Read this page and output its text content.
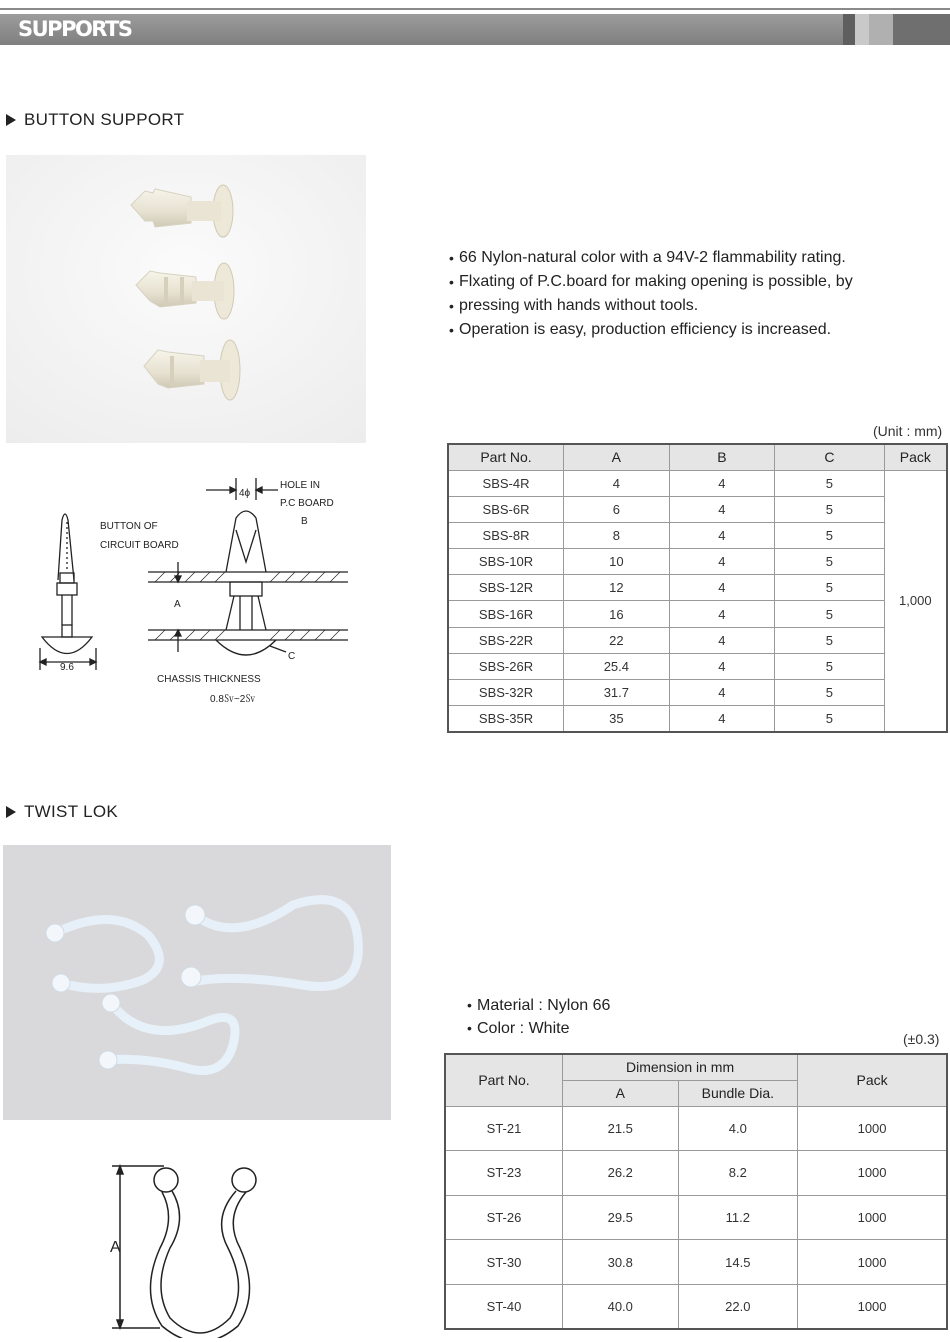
SUPPORTS
BUTTON SUPPORT
• 66 Nylon-natural color with a 94V-2 flammability rating.
• Flxating of P.C.board for making opening is possible, by
• pressing with hands without tools.
• Operation is easy, production efficiency is increased.
(Unit : mm)
Part No.	A	B	C	Pack
SBS-4R	4	4	5	1,000
SBS-6R	6	4	5	
SBS-8R	8	4	5	
SBS-10R	10	4	5	
SBS-12R	12	4	5	
SBS-16R	16	4	5	
SBS-22R	22	4	5	
SBS-26R	25.4	4	5	
SBS-32R	31.7	4	5	
SBS-35R	35	4	5	
BUTTON OF
CIRCUIT BOARD
9.6
CHASSIS THICKNESS
0.8㏜~2㏜
HOLE IN
P.C BOARD
4ϕ
A
B
C
TWIST LOK
• Material : Nylon 66
• Color : White
(±0.3)
Part No.	Dimension in mm		Pack
	A	Bundle Dia.	
ST-21	21.5	4.0	1000
ST-23	26.2	8.2	1000
ST-26	29.5	11.2	1000
ST-30	30.8	14.5	1000
ST-40	40.0	22.0	1000
A
